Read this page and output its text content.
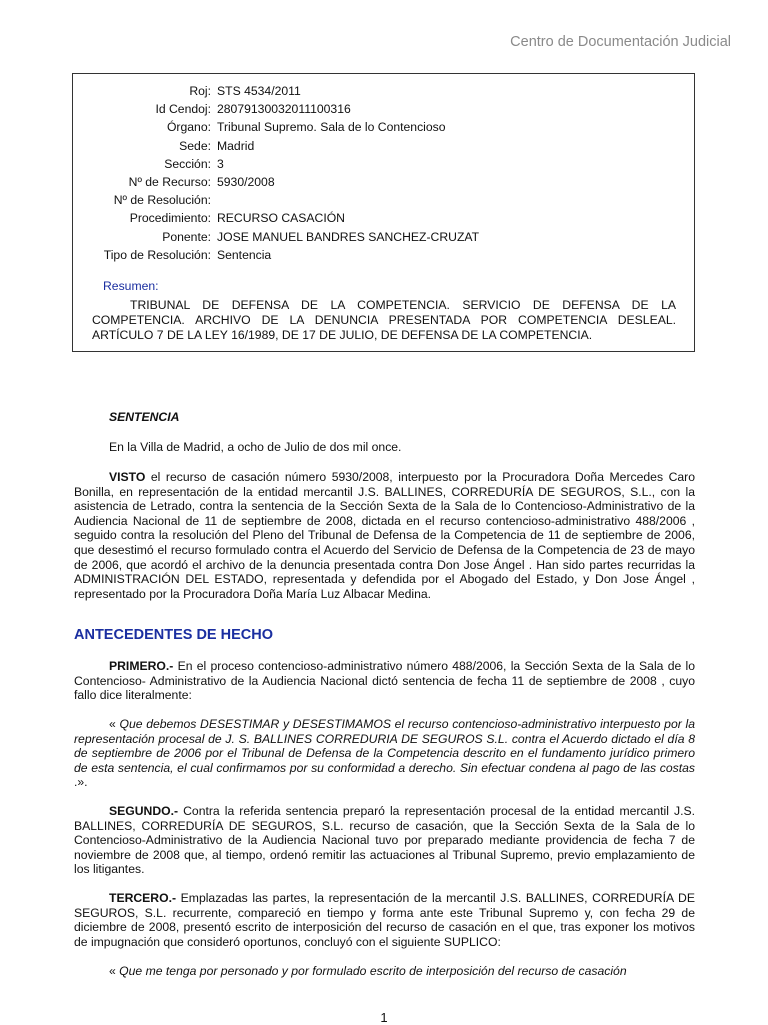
Centro de Documentación Judicial
Roj: STS 4534/2011
Id Cendoj: 28079130032011100316
Órgano: Tribunal Supremo. Sala de lo Contencioso
Sede: Madrid
Sección: 3
Nº de Recurso: 5930/2008
Nº de Resolución:
Procedimiento: RECURSO CASACIÓN
Ponente: JOSE MANUEL BANDRES SANCHEZ-CRUZAT
Tipo de Resolución: Sentencia
Resumen:
TRIBUNAL DE DEFENSA DE LA COMPETENCIA. SERVICIO DE DEFENSA DE LA COMPETENCIA. ARCHIVO DE LA DENUNCIA PRESENTADA POR COMPETENCIA DESLEAL. ARTÍCULO 7 DE LA LEY 16/1989, DE 17 DE JULIO, DE DEFENSA DE LA COMPETENCIA.
SENTENCIA
En la Villa de Madrid, a ocho de Julio de dos mil once.
VISTO el recurso de casación número 5930/2008, interpuesto por la Procuradora Doña Mercedes Caro Bonilla, en representación de la entidad mercantil J.S. BALLINES, CORREDURÍA DE SEGUROS, S.L., con la asistencia de Letrado, contra la sentencia de la Sección Sexta de la Sala de lo Contencioso-Administrativo de la Audiencia Nacional de 11 de septiembre de 2008, dictada en el recurso contencioso-administrativo 488/2006 , seguido contra la resolución del Pleno del Tribunal de Defensa de la Competencia de 11 de septiembre de 2006, que desestimó el recurso formulado contra el Acuerdo del Servicio de Defensa de la Competencia de 23 de mayo de 2006, que acordó el archivo de la denuncia presentada contra Don Jose Ángel . Han sido partes recurridas la ADMINISTRACIÓN DEL ESTADO, representada y defendida por el Abogado del Estado, y Don Jose Ángel , representado por la Procuradora Doña María Luz Albacar Medina.
ANTECEDENTES DE HECHO
PRIMERO.- En el proceso contencioso-administrativo número 488/2006, la Sección Sexta de la Sala de lo Contencioso- Administrativo de la Audiencia Nacional dictó sentencia de fecha 11 de septiembre de 2008 , cuyo fallo dice literalmente:
« Que debemos DESESTIMAR y DESESTIMAMOS el recurso contencioso-administrativo interpuesto por la representación procesal de J. S. BALLINES CORREDURIA DE SEGUROS S.L. contra el Acuerdo dictado el día 8 de septiembre de 2006 por el Tribunal de Defensa de la Competencia descrito en el fundamento jurídico primero de esta sentencia, el cual confirmamos por su conformidad a derecho. Sin efectuar condena al pago de las costas .».
SEGUNDO.- Contra la referida sentencia preparó la representación procesal de la entidad mercantil J.S. BALLINES, CORREDURÍA DE SEGUROS, S.L. recurso de casación, que la Sección Sexta de la Sala de lo Contencioso-Administrativo de la Audiencia Nacional tuvo por preparado mediante providencia de fecha 7 de noviembre de 2008 que, al tiempo, ordenó remitir las actuaciones al Tribunal Supremo, previo emplazamiento de los litigantes.
TERCERO.- Emplazadas las partes, la representación de la mercantil J.S. BALLINES, CORREDURÍA DE SEGUROS, S.L. recurrente, compareció en tiempo y forma ante este Tribunal Supremo y, con fecha 29 de diciembre de 2008, presentó escrito de interposición del recurso de casación en el que, tras exponer los motivos de impugnación que consideró oportunos, concluyó con el siguiente SUPLICO:
« Que me tenga por personado y por formulado escrito de interposición del recurso de casación
1
